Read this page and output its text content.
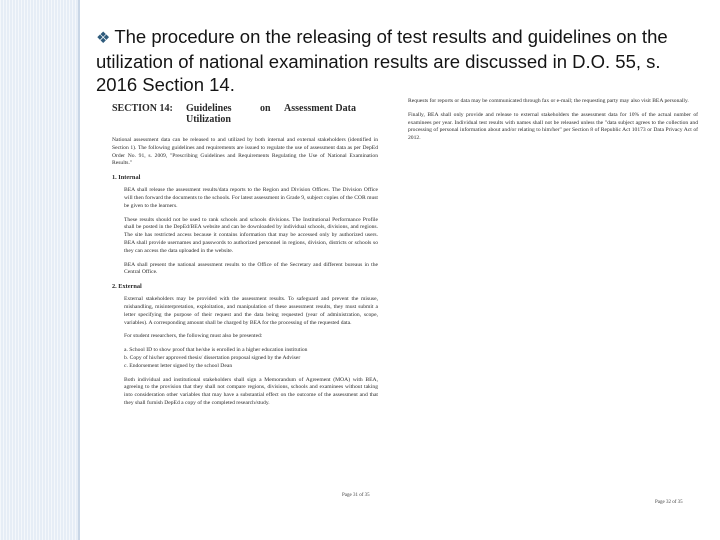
❖ The procedure on the releasing of test results and guidelines on the utilization of national examination results are discussed in D.O. 55, s. 2016 Section 14.
SECTION 14:	Guidelines	on	Assessment Data
Utilization

National assessment data can be released to and utilized by both internal and external stakeholders (identified in Section 1). The following guidelines and requirements are issued to regulate the use of assessment data as per DepEd Order No. 91, s. 2009, "Prescribing Guidelines and Requirements Regulating the Use of National Examination Results."

1. Internal

BEA shall release the assessment results/data reports to the Region and Division Offices. The Division Office will then forward the documents to the schools. For latest assessment in Grade 9, subject copies of the COR must be given to the learners.

These results should not be used to rank schools and schools divisions. The Institutional Performance Profile shall be posted in the DepEd/BEA website and can be downloaded by individual schools, divisions, and regions. The site has restricted access because it contains information that may be accessed only by authorized users. BEA shall provide usernames and passwords to authorized personnel in regions, division, districts or schools so they can access the data uploaded in the website.

BEA shall present the national assessment results to the Office of the Secretary and different bureaus in the Central Office.

2. External

External stakeholders may be provided with the assessment results. To safeguard and prevent the misuse, mishandling, misinterpretation, exploitation, and manipulation of these assessment results, they must submit a letter specifying the purpose of their request and the data being requested (year of administration, scope, variables). A corresponding amount shall be charged by BEA for the processing of the requested data.

For student researchers, the following must also be presented:

a. School ID to show proof that he/she is enrolled in a higher education institution
b. Copy of his/her approved thesis/ dissertation proposal signed by the Adviser
c. Endorsement letter signed by the school Dean

Both individual and institutional stakeholders shall sign a Memorandum of Agreement (MOA) with BEA, agreeing to the provision that they shall not compare regions, divisions, schools and examinees without taking into consideration other variables that may have a substantial effect on the outcome of the assessment and that they shall furnish DepEd a copy of the completed research/study.

Page 31 of 35

Requests for reports or data may be communicated through fax or e-mail; the requesting party may also visit BEA personally.

Finally, BEA shall only provide and release to external stakeholders the assessment data for 10% of the actual number of examinees per year. Individual test results with names shall not be released unless the "data subject agrees to the collection and processing of personal information about and/or relating to him/her" per Section 8 of Republic Act 10173 or Data Privacy Act of 2012.

Page 32 of 35
